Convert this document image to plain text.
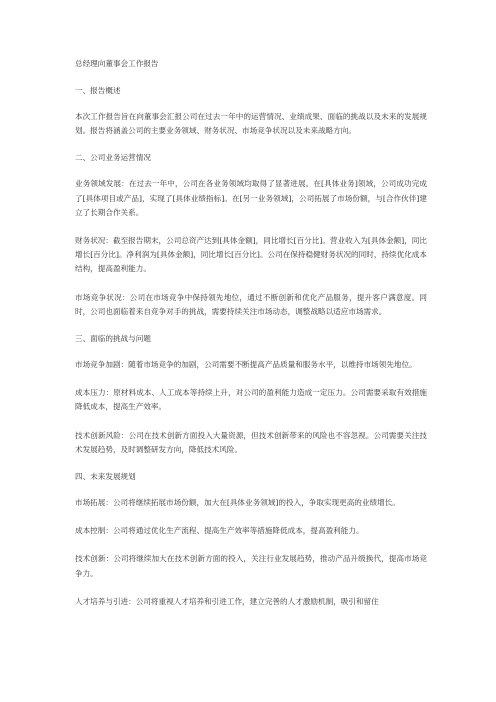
总经理向董事会工作报告
一、报告概述

本次工作报告旨在向董事会汇报公司在过去一年中的运营情况、业绩成果、面临的挑战以及未来的发展规划。报告将涵盖公司的主要业务领域、财务状况、市场竞争状况以及未来战略方向。

二、公司业务运营情况

业务领域发展：在过去一年中，公司在各业务领域均取得了显著进展。在[具体业务]领域，公司成功完成了[具体项目或产品]，实现了[具体业绩指标]。在[另一业务领域]，公司拓展了市场份额，与[合作伙伴]建立了长期合作关系。

财务状况：截至报告期末，公司总资产达到[具体金额]，同比增长[百分比]。营业收入为[具体金额]，同比增长[百分比]。净利润为[具体金额]，同比增长[百分比]。公司在保持稳健财务状况的同时，持续优化成本结构，提高盈利能力。

市场竞争状况：公司在市场竞争中保持领先地位，通过不断创新和优化产品服务，提升客户满意度。同时，公司也面临着来自竞争对手的挑战，需要持续关注市场动态，调整战略以适应市场需求。

三、面临的挑战与问题

市场竞争加剧：随着市场竞争的加剧，公司需要不断提高产品质量和服务水平，以维持市场领先地位。

成本压力：原材料成本、人工成本等持续上升，对公司的盈利能力造成一定压力。公司需要采取有效措施降低成本，提高生产效率。

技术创新风险：公司在技术创新方面投入大量资源，但技术创新带来的风险也不容忽视。公司需要关注技术发展趋势，及时调整研发方向，降低技术风险。

四、未来发展规划

市场拓展：公司将继续拓展市场份额，加大在[具体业务领域]的投入，争取实现更高的业绩增长。

成本控制：公司将通过优化生产流程、提高生产效率等措施降低成本，提高盈利能力。

技术创新：公司将继续加大在技术创新方面的投入，关注行业发展趋势，推动产品升级换代，提高市场竞争力。

人才培养与引进：公司将重视人才培养和引进工作，建立完善的人才激励机制，吸引和留住
